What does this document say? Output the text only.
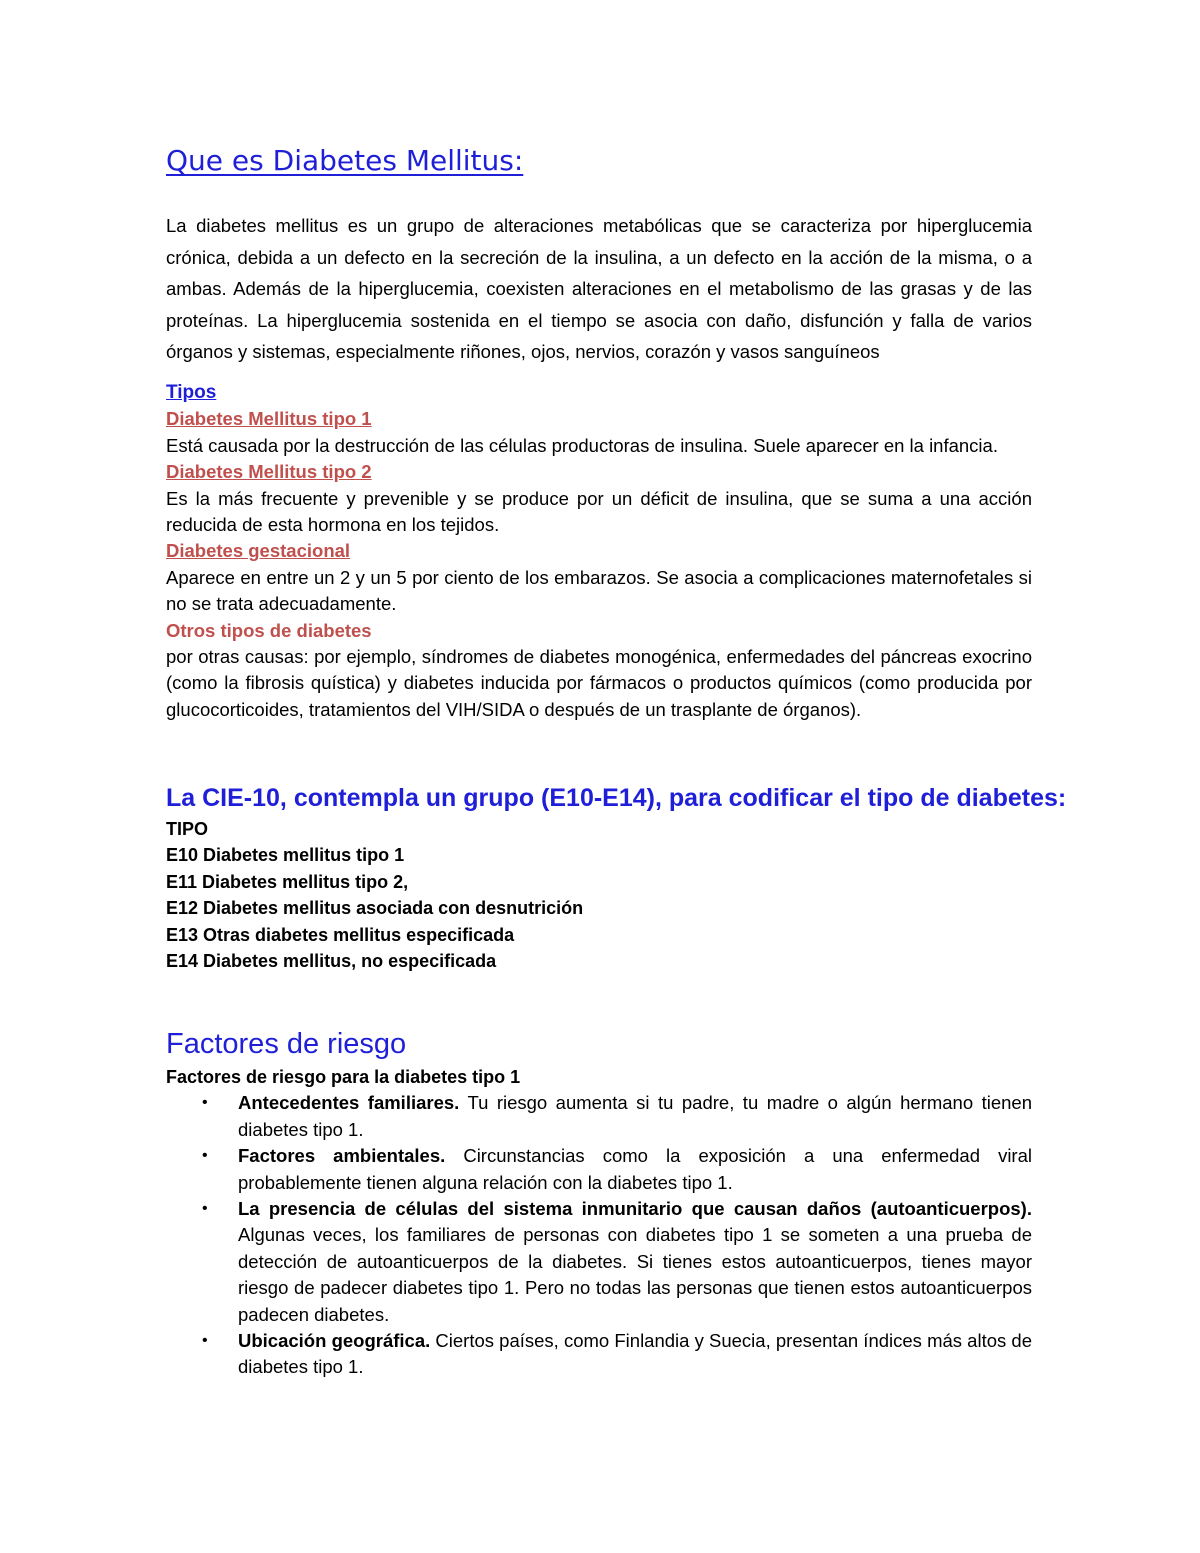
Que es Diabetes Mellitus:

La diabetes mellitus es un grupo de alteraciones metabólicas que se caracteriza por hiperglucemia crónica, debida a un defecto en la secreción de la insulina, a un defecto en la acción de la misma, o a ambas. Además de la hiperglucemia, coexisten alteraciones en el metabolismo de las grasas y de las proteínas. La hiperglucemia sostenida en el tiempo se asocia con daño, disfunción y falla de varios órganos y sistemas, especialmente riñones, ojos, nervios, corazón y vasos sanguíneos

Tipos

Diabetes Mellitus tipo 1

Está causada por la destrucción de las células productoras de insulina. Suele aparecer en la infancia.

Diabetes Mellitus tipo 2

Es la más frecuente y prevenible y se produce por un déficit de insulina, que se suma a una acción reducida de esta hormona en los tejidos.

Diabetes gestacional

Aparece en entre un 2 y un 5 por ciento de los embarazos. Se asocia a complicaciones maternofetales si no se trata adecuadamente.

Otros tipos de diabetes

por otras causas: por ejemplo, síndromes de diabetes monogénica, enfermedades del páncreas exocrino (como la fibrosis quística) y diabetes inducida por fármacos o productos químicos (como producida por glucocorticoides, tratamientos del VIH/SIDA o después de un trasplante de órganos).

La CIE-10, contempla un grupo (E10-E14), para codificar el tipo de diabetes:
TIPO
E10 Diabetes mellitus tipo 1
E11 Diabetes mellitus tipo 2,
E12 Diabetes mellitus asociada con desnutrición
E13 Otras diabetes mellitus especificada
E14 Diabetes mellitus, no especificada
Factores de riesgo

Factores de riesgo para la diabetes tipo 1

• Antecedentes familiares. Tu riesgo aumenta si tu padre, tu madre o algún hermano tienen diabetes tipo 1.
• Factores ambientales. Circunstancias como la exposición a una enfermedad viral probablemente tienen alguna relación con la diabetes tipo 1.
• La presencia de células del sistema inmunitario que causan daños (autoanticuerpos). Algunas veces, los familiares de personas con diabetes tipo 1 se someten a una prueba de detección de autoanticuerpos de la diabetes. Si tienes estos autoanticuerpos, tienes mayor riesgo de padecer diabetes tipo 1. Pero no todas las personas que tienen estos autoanticuerpos padecen diabetes.
• Ubicación geográfica. Ciertos países, como Finlandia y Suecia, presentan índices más altos de diabetes tipo 1.
